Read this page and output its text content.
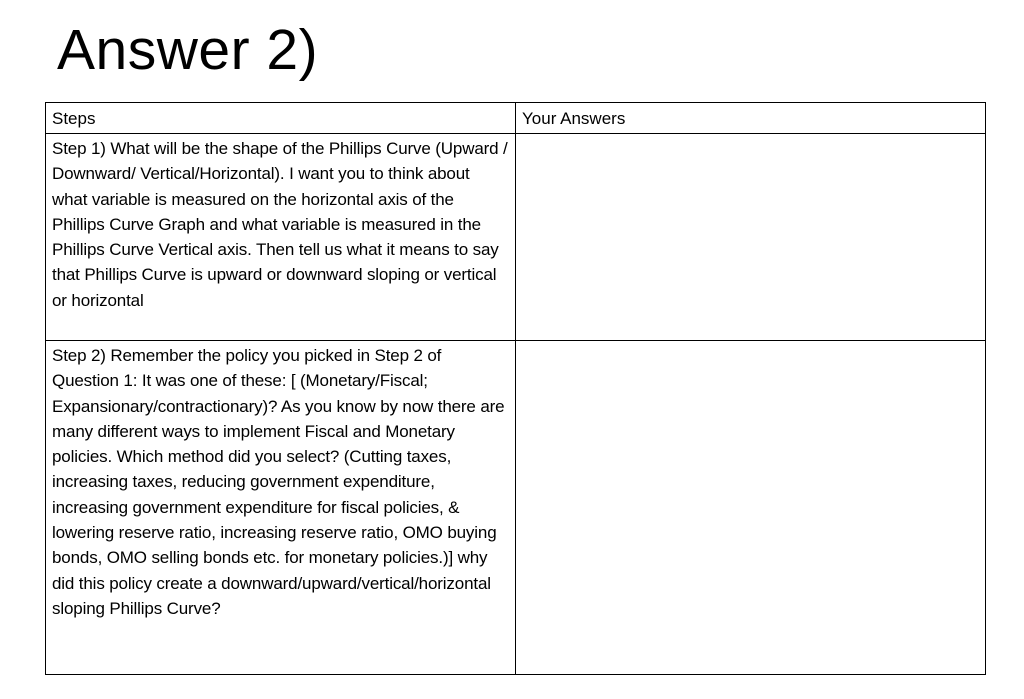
Answer 2)
Steps	Your Answers
Step 1) What will be the shape of the Phillips Curve (Upward / Downward/ Vertical/Horizontal). I want you to think about what variable is measured on the horizontal axis of the Phillips Curve Graph and what variable is measured in the Phillips Curve Vertical axis. Then tell us what it means to say that Phillips Curve is upward or downward sloping or vertical or horizontal	
Step 2) Remember the policy you picked in Step 2 of Question 1: It was one of these: [ (Monetary/Fiscal; Expansionary/contractionary)? As you know by now there are many different ways to implement Fiscal and Monetary policies. Which method did you select? (Cutting taxes, increasing taxes, reducing government expenditure, increasing government expenditure for fiscal policies, & lowering reserve ratio, increasing reserve ratio, OMO buying bonds, OMO selling bonds etc. for monetary policies.)] why did this policy create a downward/upward/vertical/horizontal sloping Phillips Curve?	
